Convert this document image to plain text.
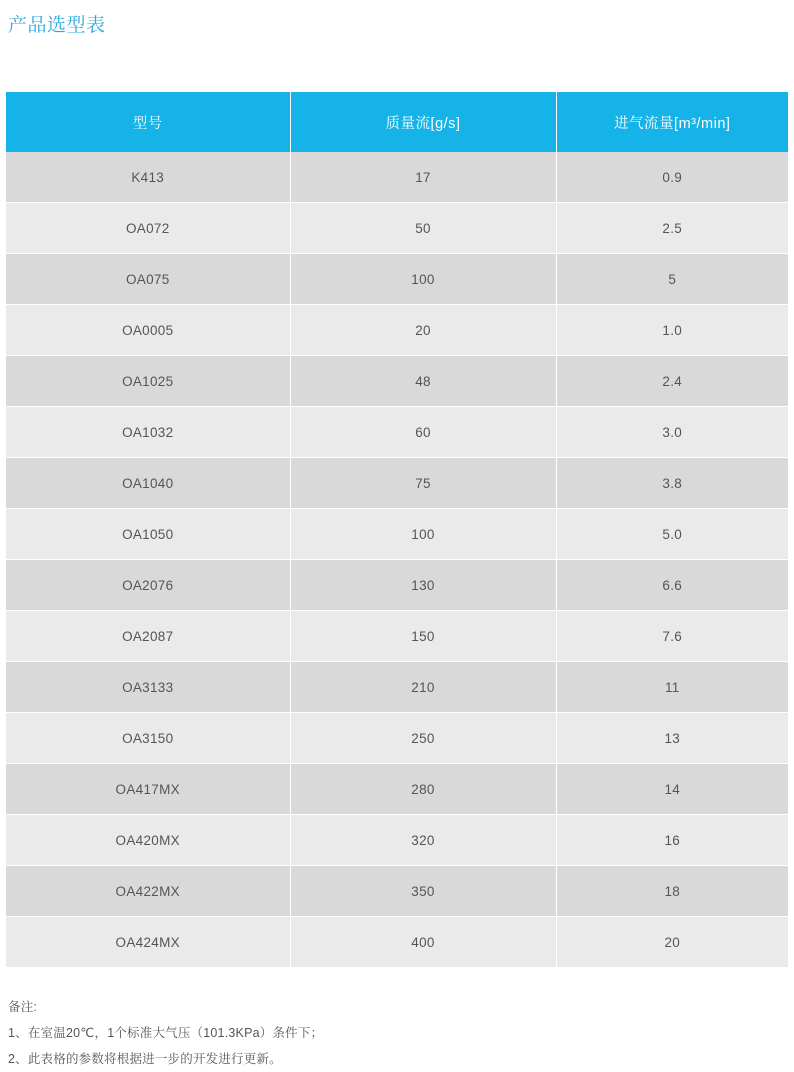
产品选型表
型号	质量流[g/s]	进气流量[m³/min]
K413	17	0.9
OA072	50	2.5
OA075	100	5
OA0005	20	1.0
OA1025	48	2.4
OA1032	60	3.0
OA1040	75	3.8
OA1050	100	5.0
OA2076	130	6.6
OA2087	150	7.6
OA3133	210	11
OA3150	250	13
OA417MX	280	14
OA420MX	320	16
OA422MX	350	18
OA424MX	400	20
备注:
1、在室温20℃，1个标准大气压（101.3KPa）条件下；
2、此表格的参数将根据进一步的开发进行更新。
